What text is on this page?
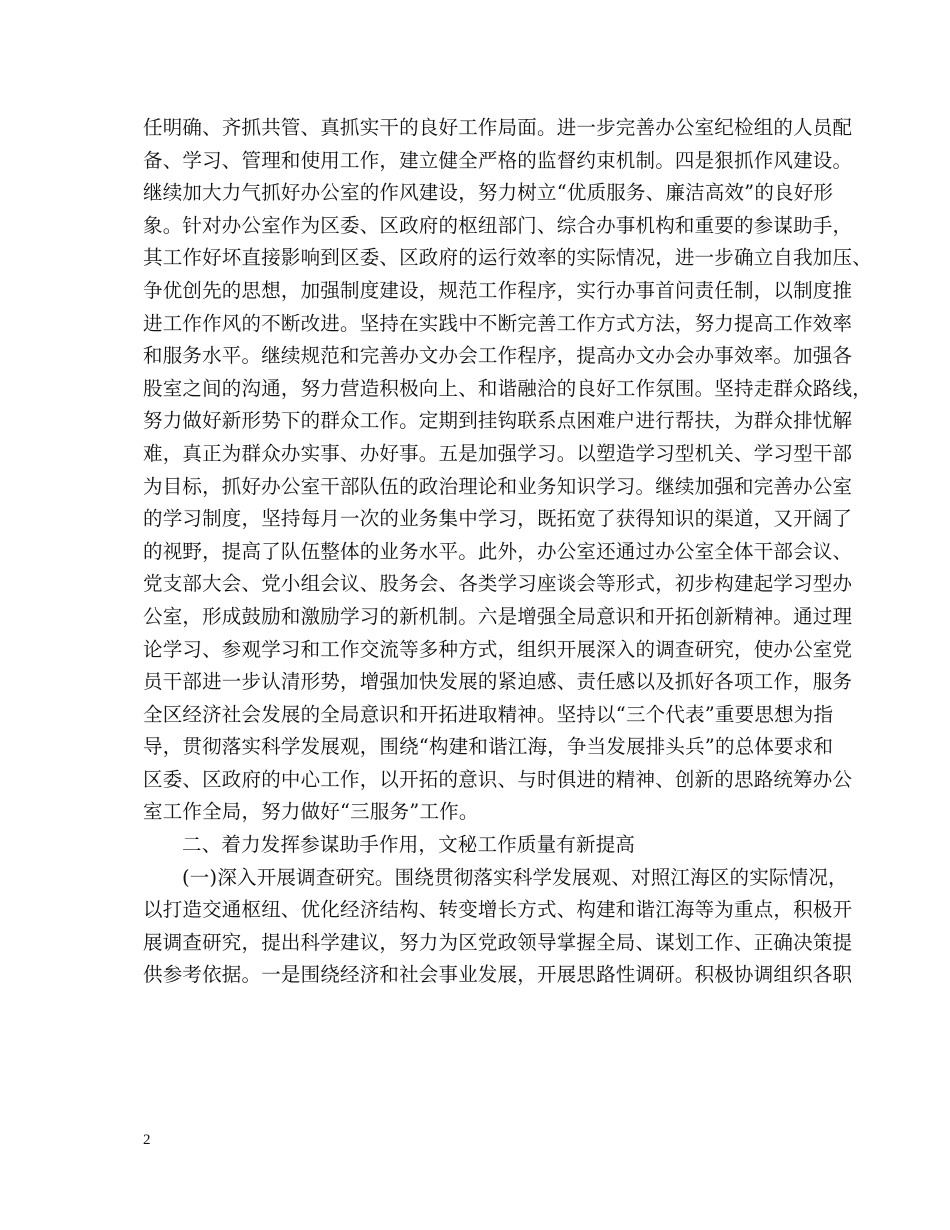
任明确、齐抓共管、真抓实干的良好工作局面。进一步完善办公室纪检组的人员配
备、学习、管理和使用工作，建立健全严格的监督约束机制。四是狠抓作风建设。
继续加大力气抓好办公室的作风建设，努力树立“优质服务、廉洁高效”的良好形
象。针对办公室作为区委、区政府的枢纽部门、综合办事机构和重要的参谋助手，
其工作好坏直接影响到区委、区政府的运行效率的实际情况，进一步确立自我加压、
争优创先的思想，加强制度建设，规范工作程序，实行办事首问责任制，以制度推
进工作作风的不断改进。坚持在实践中不断完善工作方式方法，努力提高工作效率
和服务水平。继续规范和完善办文办会工作程序，提高办文办会办事效率。加强各
股室之间的沟通，努力营造积极向上、和谐融洽的良好工作氛围。坚持走群众路线，
努力做好新形势下的群众工作。定期到挂钩联系点困难户进行帮扶，为群众排忧解
难，真正为群众办实事、办好事。五是加强学习。以塑造学习型机关、学习型干部
为目标，抓好办公室干部队伍的政治理论和业务知识学习。继续加强和完善办公室
的学习制度，坚持每月一次的业务集中学习，既拓宽了获得知识的渠道，又开阔了
的视野，提高了队伍整体的业务水平。此外，办公室还通过办公室全体干部会议、
党支部大会、党小组会议、股务会、各类学习座谈会等形式，初步构建起学习型办
公室，形成鼓励和激励学习的新机制。六是增强全局意识和开拓创新精神。通过理
论学习、参观学习和工作交流等多种方式，组织开展深入的调查研究，使办公室党
员干部进一步认清形势，增强加快发展的紧迫感、责任感以及抓好各项工作，服务
全区经济社会发展的全局意识和开拓进取精神。坚持以“三个代表”重要思想为指
导，贯彻落实科学发展观，围绕“构建和谐江海，争当发展排头兵”的总体要求和
区委、区政府的中心工作，以开拓的意识、与时俱进的精神、创新的思路统筹办公
室工作全局，努力做好“三服务”工作。
二、着力发挥参谋助手作用，文秘工作质量有新提高
(一)深入开展调查研究。围绕贯彻落实科学发展观、对照江海区的实际情况，
以打造交通枢纽、优化经济结构、转变增长方式、构建和谐江海等为重点，积极开
展调查研究，提出科学建议，努力为区党政领导掌握全局、谋划工作、正确决策提
供参考依据。一是围绕经济和社会事业发展，开展思路性调研。积极协调组织各职
2
